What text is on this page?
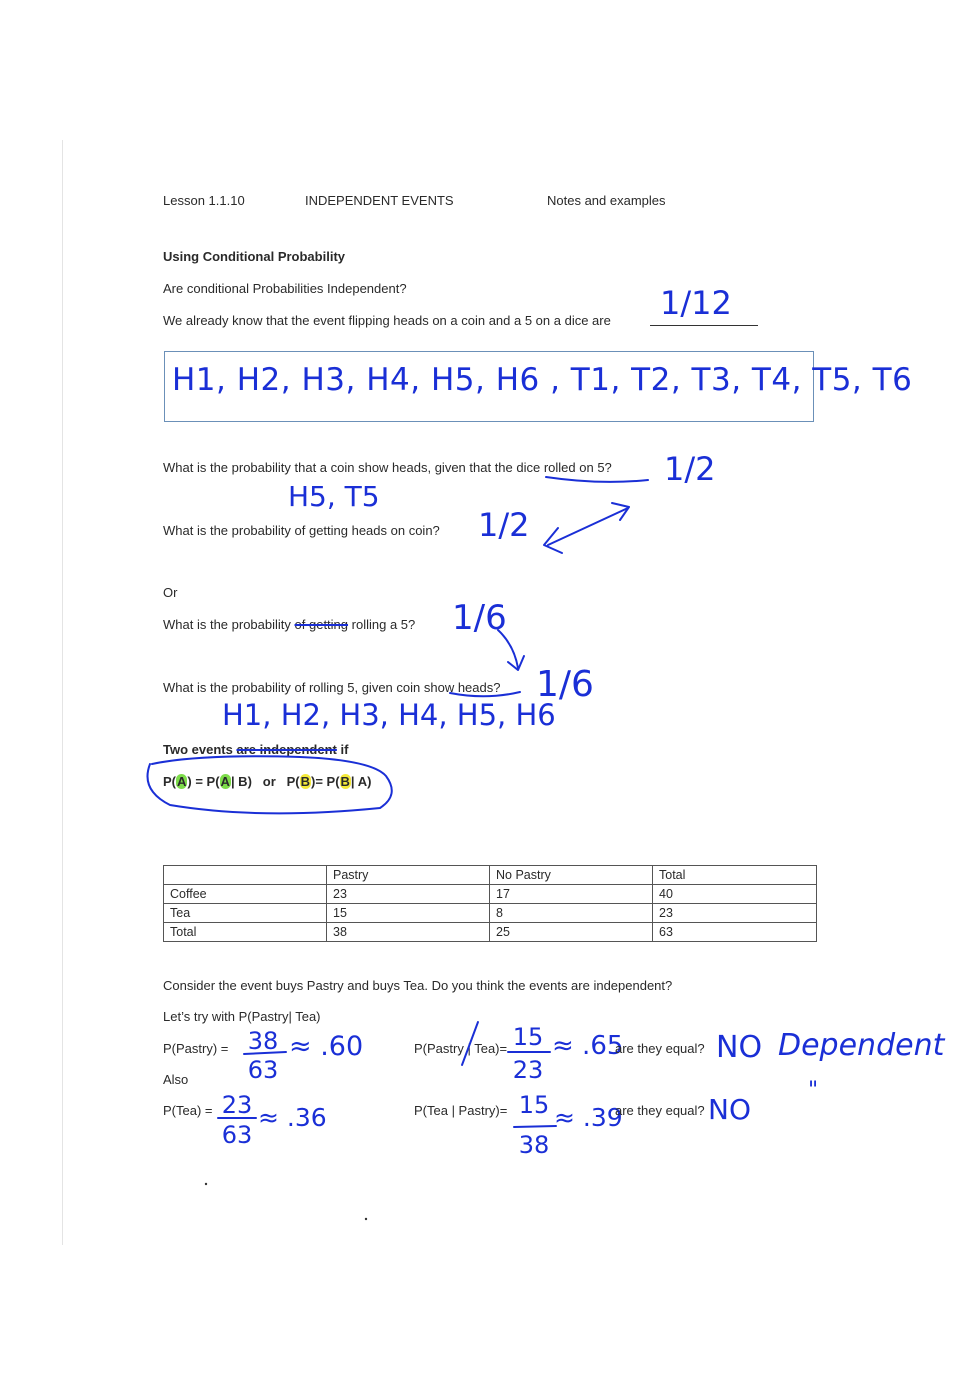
Lesson 1.1.10	INDEPENDENT EVENTS	Notes and examples
Using Conditional Probability
Are conditional Probabilities Independent?
We already know that the event flipping heads on a coin and a 5 on a dice are 1/12
H1, H2, H3, H4, H5, H6 , T1, T2, T3, T4, T5, T6
What is the probability that a coin show heads, given that the dice rolled on 5? 1/2
H5, T5
What is the probability of getting heads on coin? 1/2
Or
What is the probability of getting rolling a 5? 1/6
What is the probability of rolling 5, given coin show heads? 1/6
H1, H2, H3, H4, H5, H6
Two events are independent if
P(A) = P(A| B) or P(B)= P(B| A)
	Pastry	No Pastry	Total
Coffee	23	17	40
Tea	15	8	23
Total	38	25	63
Consider the event buys Pastry and buys Tea. Do you think the events are independent?
Let’s try with P(Pastry| Tea)
P(Pastry) = 38
63
≈ .60	P(Pastry | Tea)= 15
23
≈ .65
are they equal? NO Dependent
"
Also
P(Tea) = 23
63
≈ .36	P(Tea | Pastry)= 15
38
≈ .39
are they equal? NO
